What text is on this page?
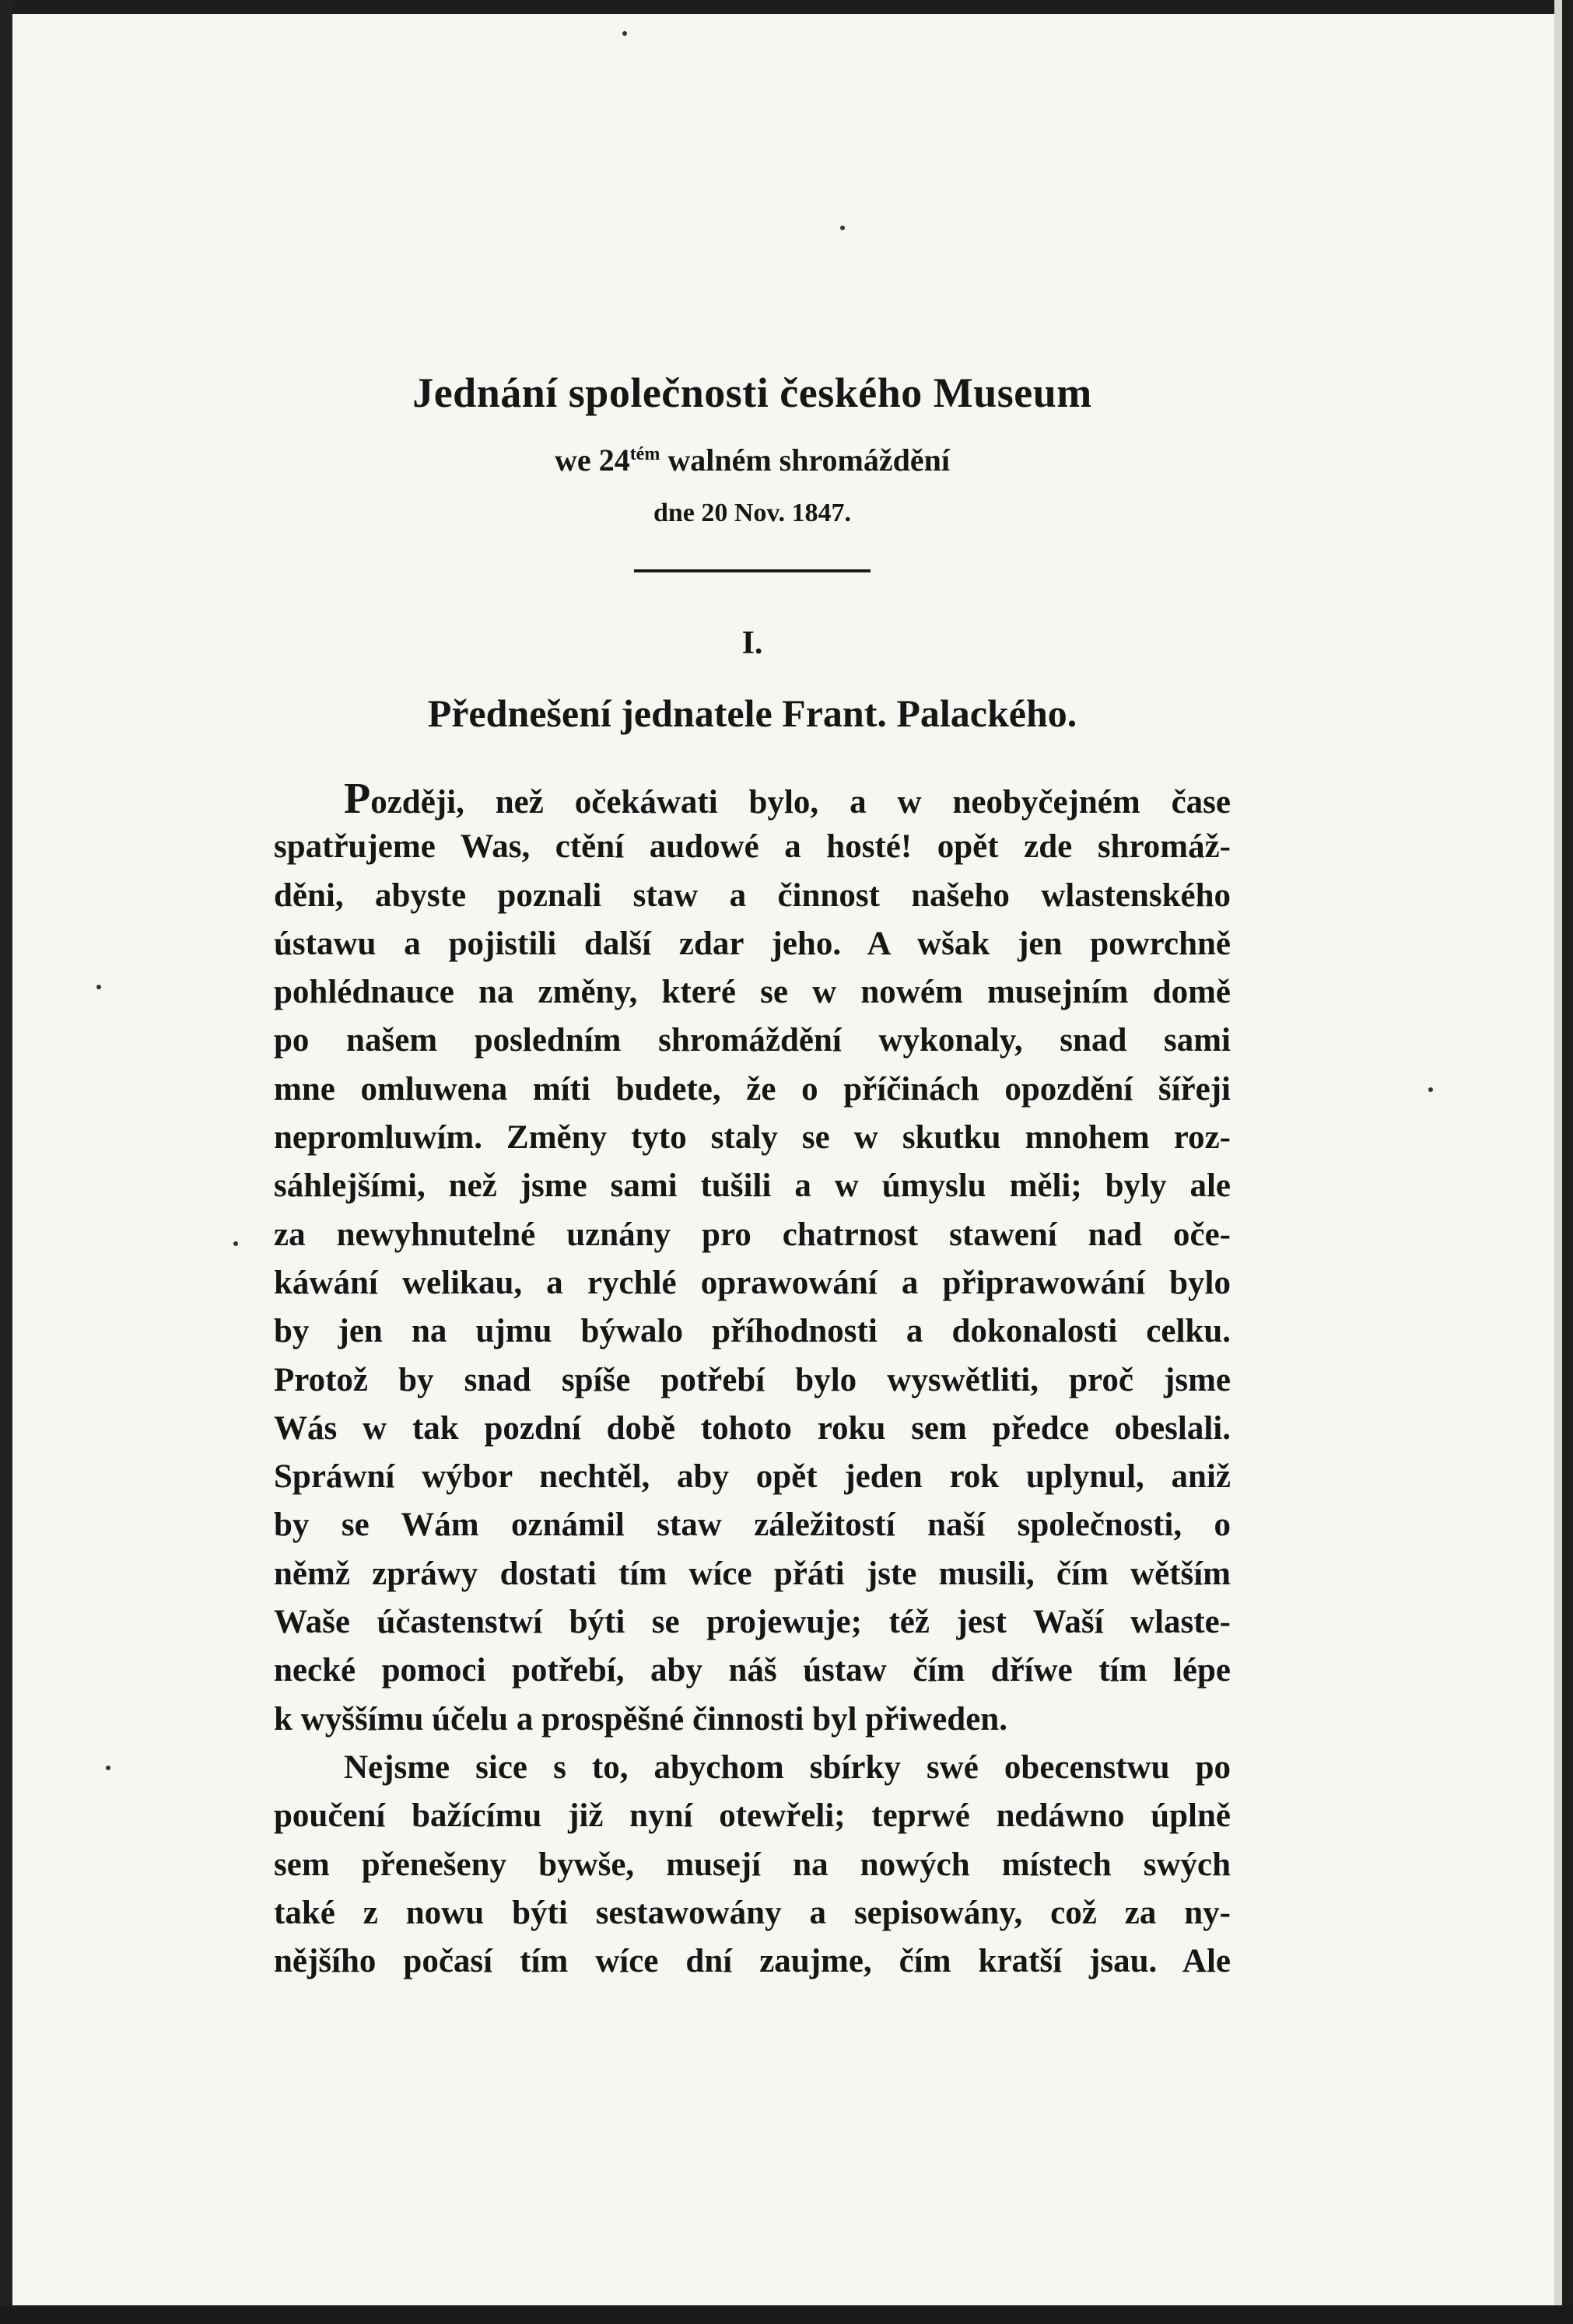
Jednání společnosti českého Museum

we $24^{tém}$ walném shromáždění

dne 20 Nov. 1847.

I.

Přednešení jednatele Frant. Palackého.
Později, než očekáwati bylo, a w neobyčejném čase
spatřujeme Was, ctění audowé a hosté! opět zde shromáž-
děni, abyste poznali staw a činnost našeho wlastenského
ústawu a pojistili další zdar jeho. A wšak jen powrchně
pohlédnauce na změny, které se w nowém musejním domě
po našem posledním shromáždění wykonaly, snad sami
mne omluwena míti budete, že o příčinách opozdění šířeji
nepromluwím. Změny tyto staly se w skutku mnohem roz-
sáhlejšími, než jsme sami tušili a w úmyslu měli; byly ale
za newyhnutelné uznány pro chatrnost stawení nad oče-
káwání welikau, a rychlé oprawowání a připrawowání bylo
by jen na ujmu býwalo příhodnosti a dokonalosti celku.
Protož by snad spíše potřebí bylo wyswětliti, proč jsme
Wás w tak pozdní době tohoto roku sem předce obeslali.
Spráwní wýbor nechtěl, aby opět jeden rok uplynul, aniž
by se Wám oznámil staw záležitostí naší společnosti, o
němž zpráwy dostati tím wíce přáti jste musili, čím wětším
Waše účastenstwí býti se projewuje; též jest Waší wlaste-
necké pomoci potřebí, aby náš ústaw čím dříwe tím lépe
k wyššímu účelu a prospěšné činnosti byl přiweden.
Nejsme sice s to, abychom sbírky swé obecenstwu po
poučení bažícímu již nyní otewřeli; teprwé nedáwno úplně
sem přenešeny bywše, musejí na nowých místech swých
také z nowu býti sestawowány a sepisowány, což za ny-
nějšího počasí tím wíce dní zaujme, čím kratší jsau. Ale
